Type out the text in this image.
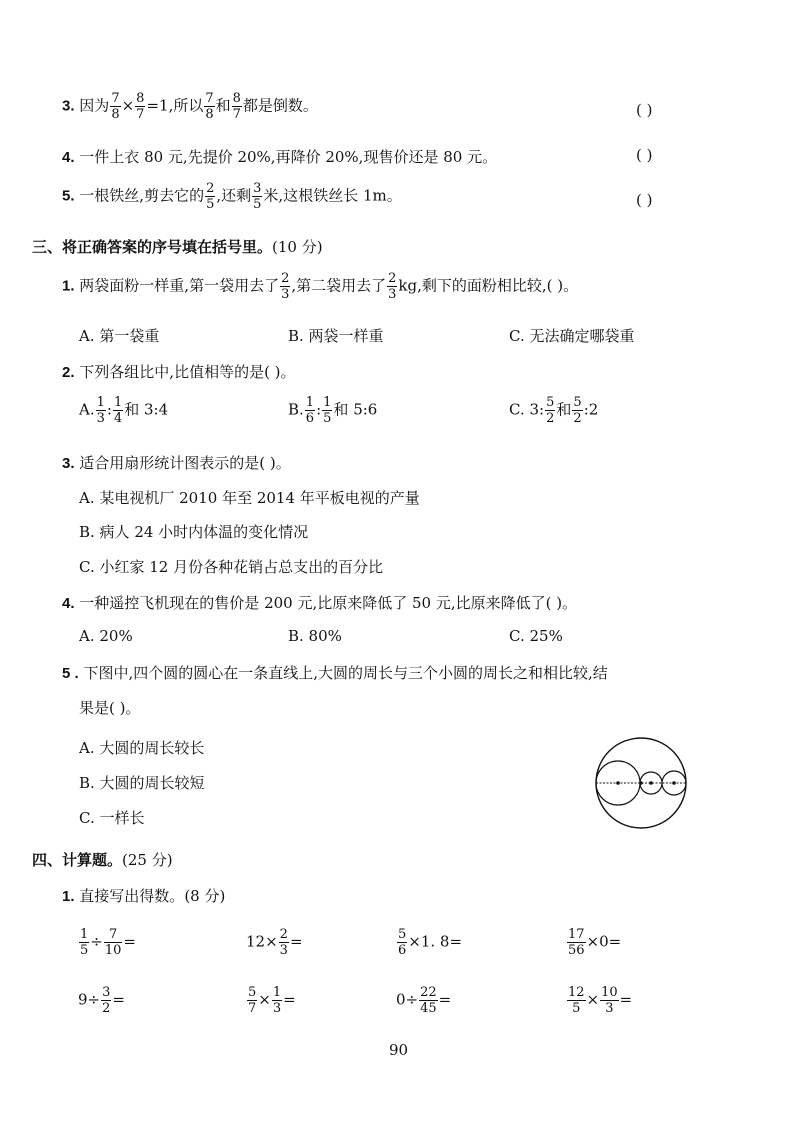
3. 因为 $\frac{7}{8} \times \frac{8}{7} =1$,所以 $\frac{7}{8}$ 和 $\frac{8}{7}$ 都是倒数。	( )
4. 一件上衣 80 元,先提价 20%,再降价 20%,现售价还是 80 元。	( )
5. 一根铁丝,剪去它的 $\frac{2}{5}$ ,还剩 $\frac{3}{5}$ 米,这根铁丝长 1m。	( )
三、将正确答案的序号填在括号里。(10 分)
1. 两袋面粉一样重,第一袋用去了 $\frac{2}{3}$ ,第二袋用去了 $\frac{2}{3}$ kg,剩下的面粉相比较,( )。
A. 第一袋重	B. 两袋一样重	C. 无法确定哪袋重
2. 下列各组比中,比值相等的是( )。
A. $\frac{1}{3}$ : $\frac{1}{4}$ 和 3:4	B. $\frac{1}{6}$ : $\frac{1}{5}$ 和 5:6	C. 3: $\frac{5}{2}$ 和 $\frac{5}{2}$ :2
3. 适合用扇形统计图表示的是( )。
A. 某电视机厂 2010 年至 2014 年平板电视的产量
B. 病人 24 小时内体温的变化情况
C. 小红家 12 月份各种花销占总支出的百分比
4. 一种遥控飞机现在的售价是 200 元,比原来降低了 50 元,比原来降低了( )。
A. 20%	B. 80%	C. 25%
5 . 下图中,四个圆的圆心在一条直线上,大圆的周长与三个小圆的周长之和相比较,结
果是( )。
A. 大圆的周长较长
B. 大圆的周长较短
C. 一样长
四、计算题。(25 分)
1. 直接写出得数。(8 分)
$\frac{1}{5} \div \frac{7}{10}$ =	$12\times \frac{2}{3}$ =	$\frac{5}{6} \times 1$. 8=	$\frac{17}{56} \times 0=$
$9\div \frac{3}{2}$ =	$\frac{5}{7} \times \frac{1}{3}$ =	$0\div \frac{22}{45}$ =	$\frac{12}{5} \times \frac{10}{3}$ =
90
